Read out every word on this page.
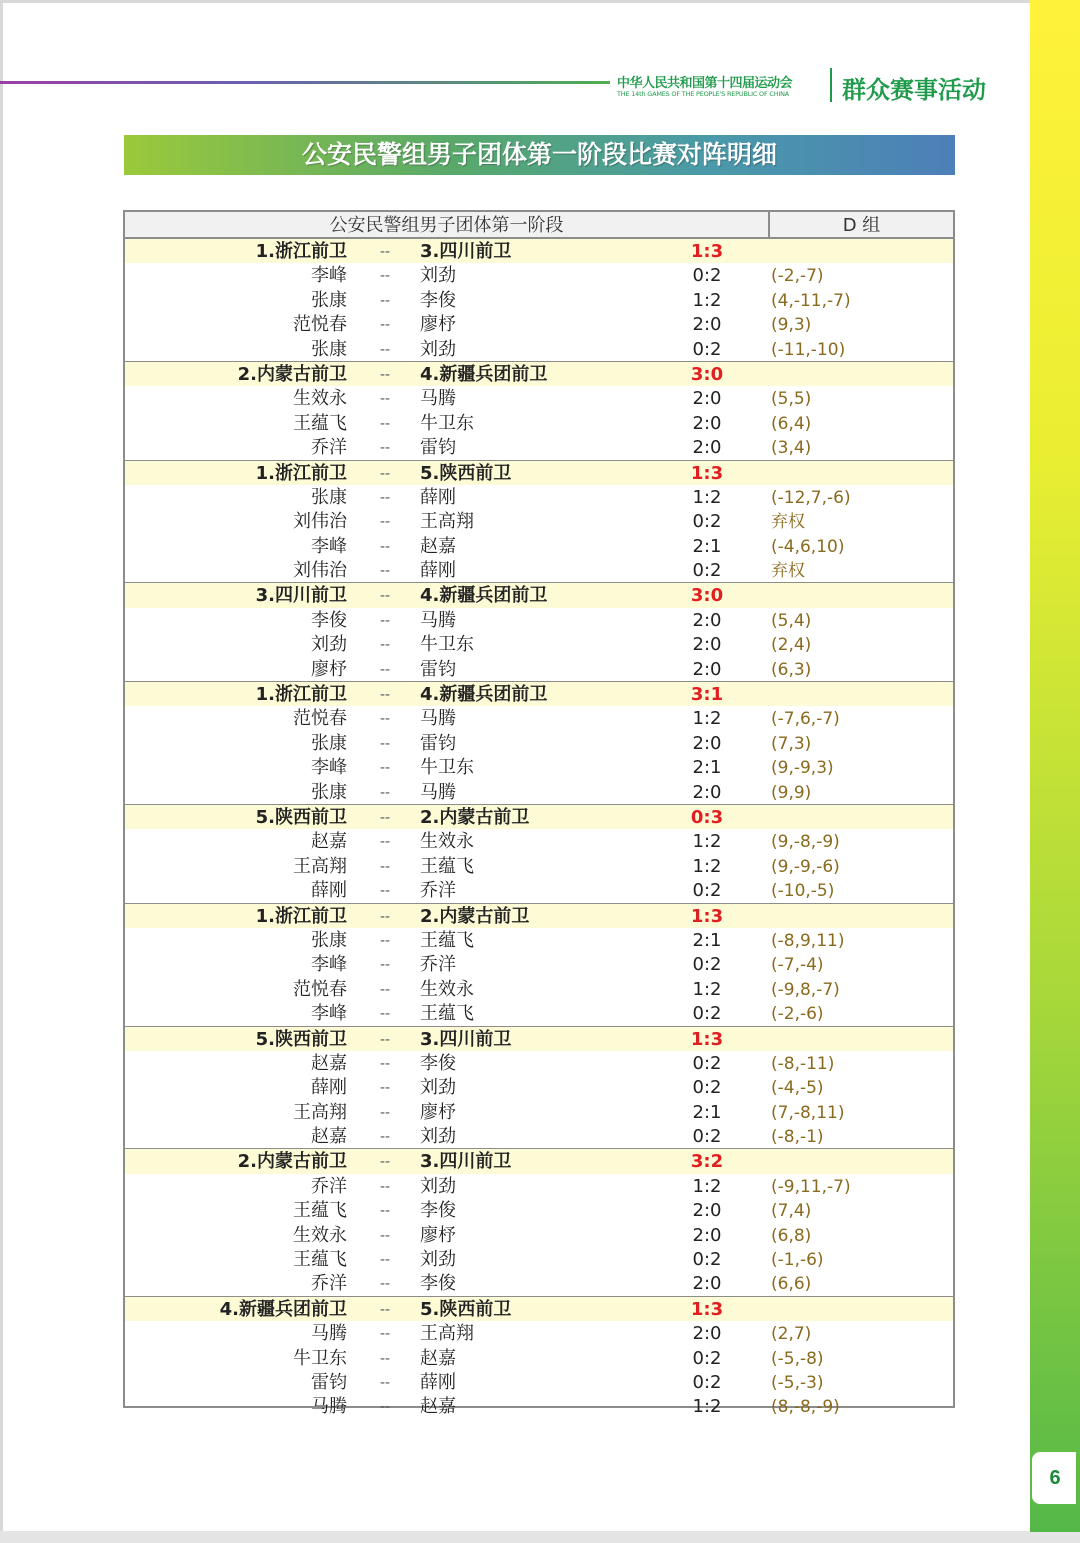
6
中华人民共和国第十四届运动会
THE 14th GAMES OF THE PEOPLE'S REPUBLIC OF CHINA	群众赛事活动
公安民警组男子团体第一阶段比赛对阵明细
公安民警组男子团体第一阶段	D 组
1.浙江前卫	-- 3.四川前卫	1:3
李峰	-- 刘劲	0:2	(-2,-7)
张康	-- 李俊	1:2	(4,-11,-7)
范悦春	-- 廖杼	2:0	(9,3)
张康	-- 刘劲	0:2	(-11,-10)
2.内蒙古前卫	-- 4.新疆兵团前卫	3:0
生效永	-- 马腾	2:0	(5,5)
王蕴飞	-- 牛卫东	2:0	(6,4)
乔洋	-- 雷钧	2:0	(3,4)
1.浙江前卫	-- 5.陕西前卫	1:3
张康	-- 薛刚	1:2	(-12,7,-6)
刘伟治	-- 王高翔	0:2	弃权
李峰	-- 赵嘉	2:1	(-4,6,10)
刘伟治	-- 薛刚	0:2	弃权
3.四川前卫	-- 4.新疆兵团前卫	3:0
李俊	-- 马腾	2:0	(5,4)
刘劲	-- 牛卫东	2:0	(2,4)
廖杼	-- 雷钧	2:0	(6,3)
1.浙江前卫	-- 4.新疆兵团前卫	3:1
范悦春	-- 马腾	1:2	(-7,6,-7)
张康	-- 雷钧	2:0	(7,3)
李峰	-- 牛卫东	2:1	(9,-9,3)
张康	-- 马腾	2:0	(9,9)
5.陕西前卫	-- 2.内蒙古前卫	0:3
赵嘉	-- 生效永	1:2	(9,-8,-9)
王高翔	-- 王蕴飞	1:2	(9,-9,-6)
薛刚	-- 乔洋	0:2	(-10,-5)
1.浙江前卫	-- 2.内蒙古前卫	1:3
张康	-- 王蕴飞	2:1	(-8,9,11)
李峰	-- 乔洋	0:2	(-7,-4)
范悦春	-- 生效永	1:2	(-9,8,-7)
李峰	-- 王蕴飞	0:2	(-2,-6)
5.陕西前卫	-- 3.四川前卫	1:3
赵嘉	-- 李俊	0:2	(-8,-11)
薛刚	-- 刘劲	0:2	(-4,-5)
王高翔	-- 廖杼	2:1	(7,-8,11)
赵嘉	-- 刘劲	0:2	(-8,-1)
2.内蒙古前卫	-- 3.四川前卫	3:2
乔洋	-- 刘劲	1:2	(-9,11,-7)
王蕴飞	-- 李俊	2:0	(7,4)
生效永	-- 廖杼	2:0	(6,8)
王蕴飞	-- 刘劲	0:2	(-1,-6)
乔洋	-- 李俊	2:0	(6,6)
4.新疆兵团前卫	-- 5.陕西前卫	1:3
马腾	-- 王高翔	2:0	(2,7)
牛卫东	-- 赵嘉	0:2	(-5,-8)
雷钧	-- 薛刚	0:2	(-5,-3)
马腾	-- 赵嘉	1:2	(8,-8,-9)
